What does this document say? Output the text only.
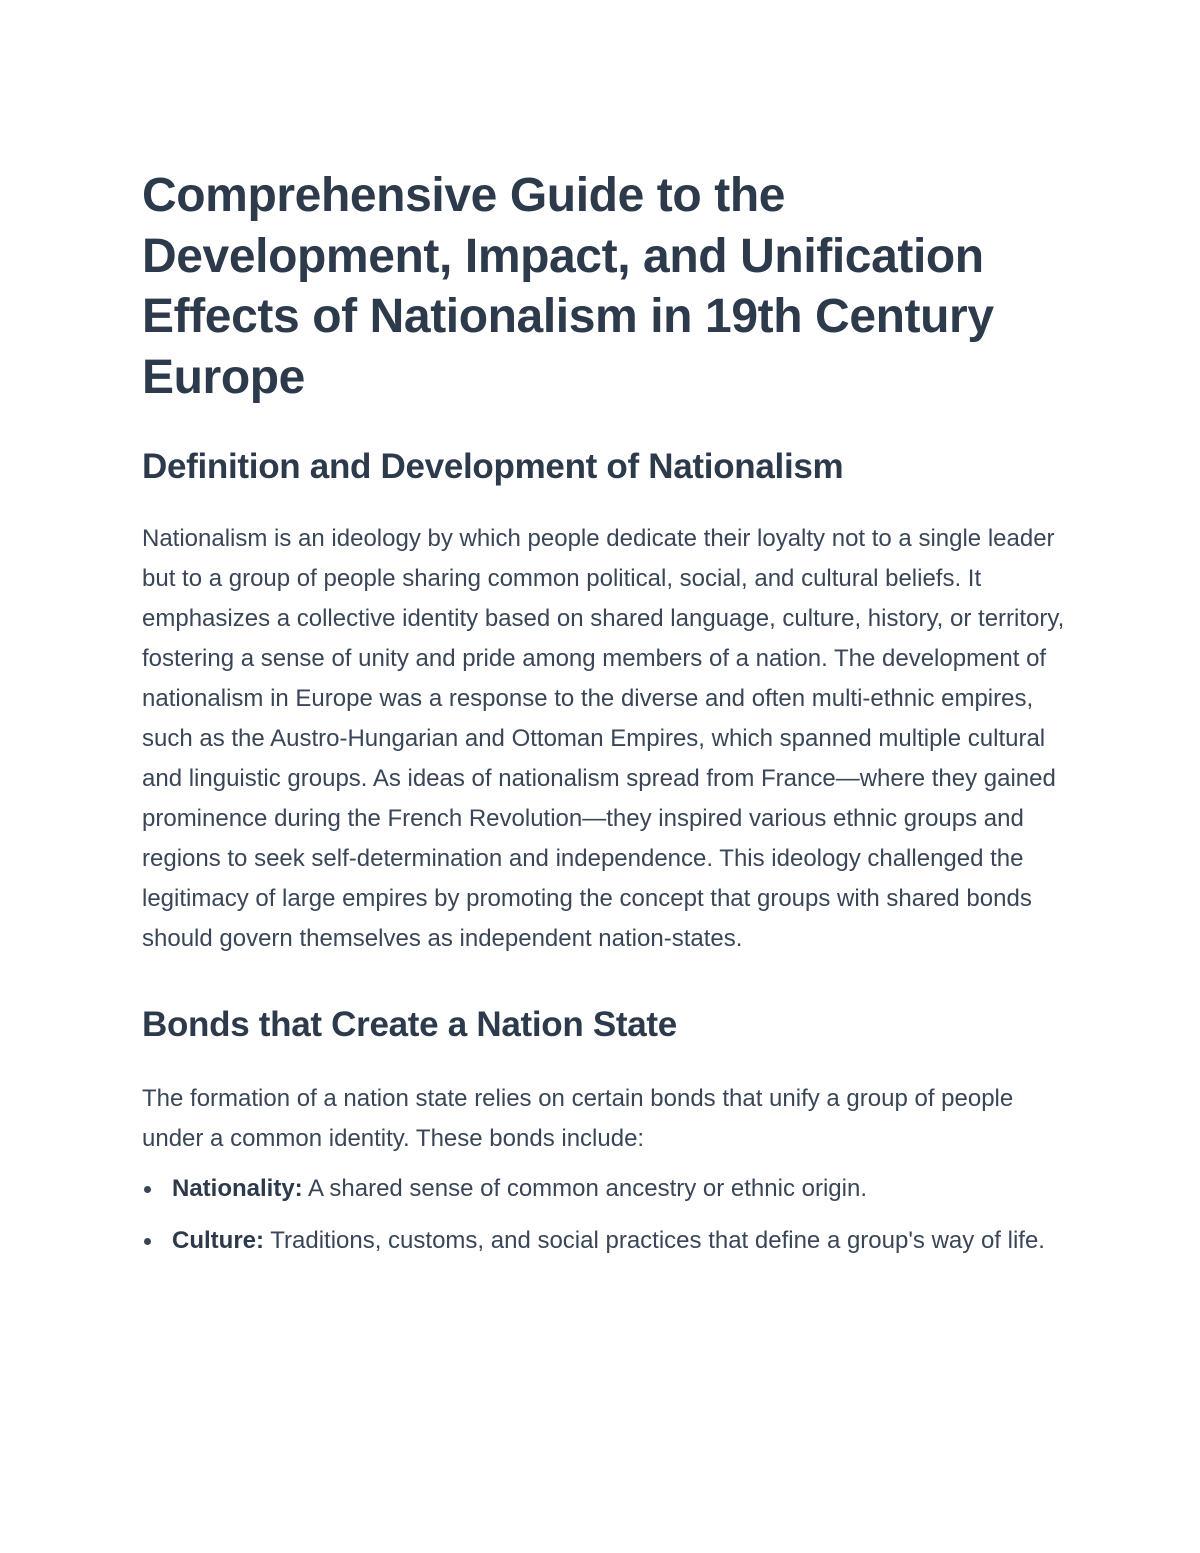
Comprehensive Guide to the Development, Impact, and Unification Effects of Nationalism in 19th Century Europe
Definition and Development of Nationalism

Nationalism is an ideology by which people dedicate their loyalty not to a single leader but to a group of people sharing common political, social, and cultural beliefs. It emphasizes a collective identity based on shared language, culture, history, or territory, fostering a sense of unity and pride among members of a nation. The development of nationalism in Europe was a response to the diverse and often multi-ethnic empires, such as the Austro-Hungarian and Ottoman Empires, which spanned multiple cultural and linguistic groups. As ideas of nationalism spread from France—where they gained prominence during the French Revolution—they inspired various ethnic groups and regions to seek self-determination and independence. This ideology challenged the legitimacy of large empires by promoting the concept that groups with shared bonds should govern themselves as independent nation-states.

Bonds that Create a Nation State

The formation of a nation state relies on certain bonds that unify a group of people under a common identity. These bonds include:

Nationality: A shared sense of common ancestry or ethnic origin.
Culture: Traditions, customs, and social practices that define a group's way of life.
